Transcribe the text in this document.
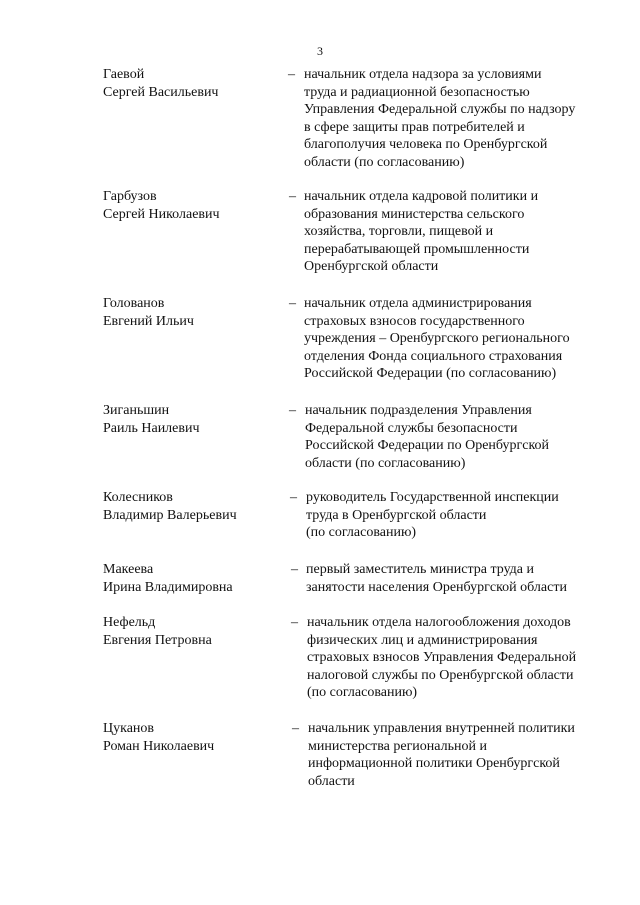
3
Гаевой
Сергей Васильевич
– начальник отдела надзора за условиями
труда и радиационной безопасностью
Управления Федеральной службы по надзору
в сфере защиты прав потребителей и
благополучия человека по Оренбургской
области (по согласованию)
Гарбузов
Сергей Николаевич
– начальник отдела кадровой политики и
образования министерства сельского
хозяйства, торговли, пищевой и
перерабатывающей промышленности
Оренбургской области
Голованов
Евгений Ильич
– начальник отдела администрирования
страховых взносов государственного
учреждения – Оренбургского регионального
отделения Фонда социального страхования
Российской Федерации (по согласованию)
Зиганьшин
Раиль Наилевич
– начальник подразделения Управления
Федеральной службы безопасности
Российской Федерации по Оренбургской
области (по согласованию)
Колесников
Владимир Валерьевич
– руководитель Государственной инспекции
труда в Оренбургской области
(по согласованию)
Макеева
Ирина Владимировна
– первый заместитель министра труда и
занятости населения Оренбургской области
Нефельд
Евгения Петровна
– начальник отдела налогообложения доходов
физических лиц и администрирования
страховых взносов Управления Федеральной
налоговой службы по Оренбургской области
(по согласованию)
Цуканов
Роман Николаевич
– начальник управления внутренней политики
министерства региональной и
информационной политики Оренбургской
области
